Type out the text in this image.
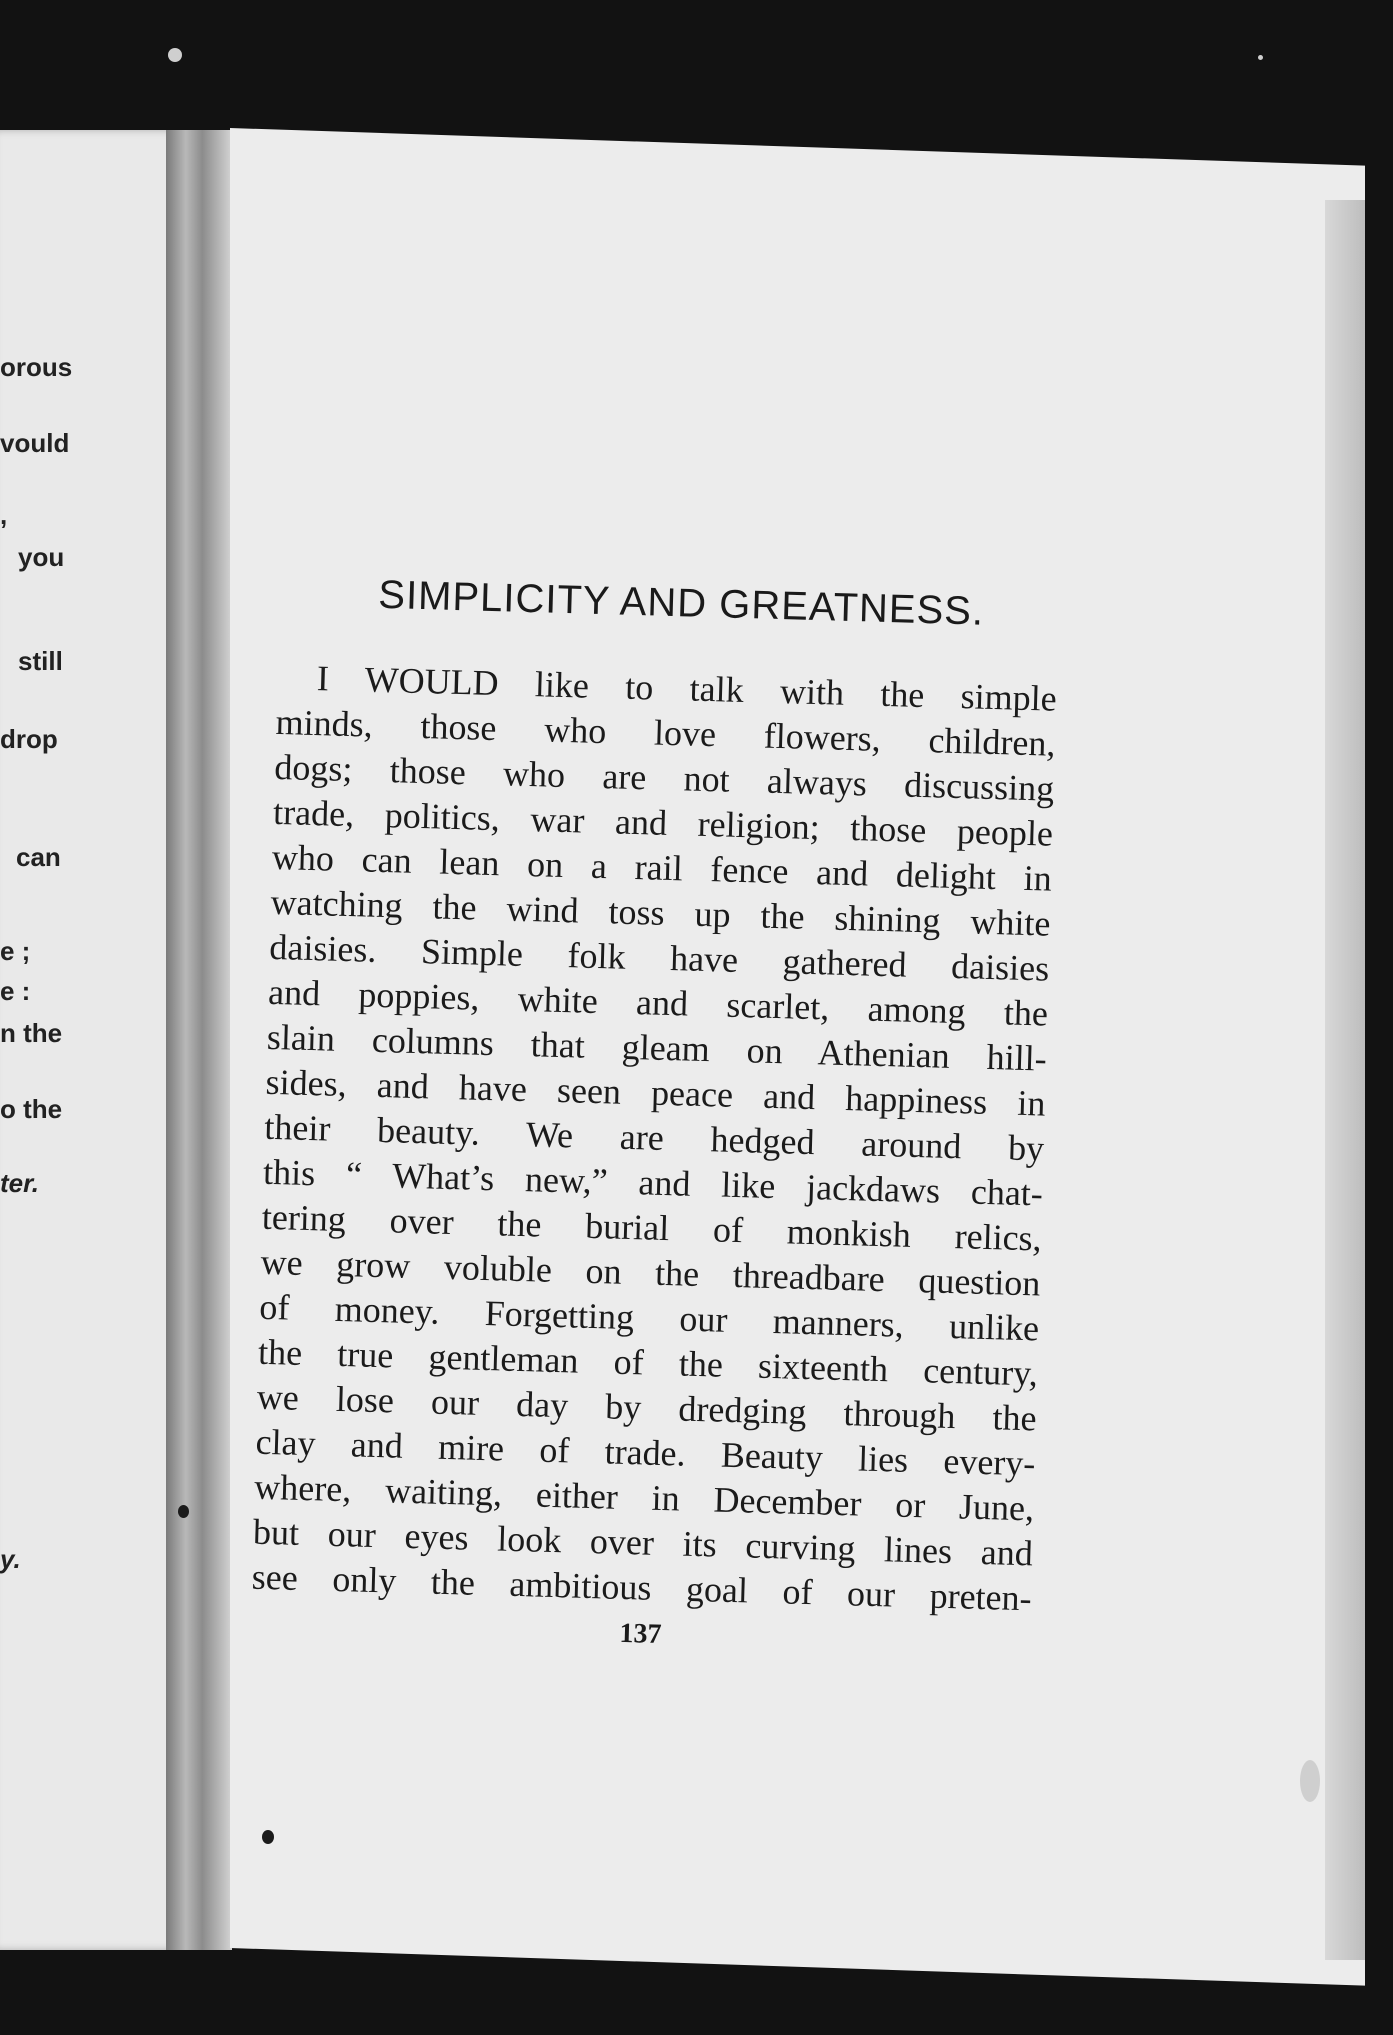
orous
vould
,
you
still
drop
can
e ;
e :
n the
o the
ter.
y.
SIMPLICITY AND GREATNESS.
I WOULD like to talk with the simple
minds, those who love flowers, children,
dogs; those who are not always discussing
trade, politics, war and religion; those people
who can lean on a rail fence and delight in
watching the wind toss up the shining white
daisies. Simple folk have gathered daisies
and poppies, white and scarlet, among the
slain columns that gleam on Athenian hill-
sides, and have seen peace and happiness in
their beauty. We are hedged around by
this “ What’s new,” and like jackdaws chat-
tering over the burial of monkish relics,
we grow voluble on the threadbare question
of money. Forgetting our manners, unlike
the true gentleman of the sixteenth century,
we lose our day by dredging through the
clay and mire of trade. Beauty lies every-
where, waiting, either in December or June,
but our eyes look over its curving lines and
see only the ambitious goal of our preten-
137
